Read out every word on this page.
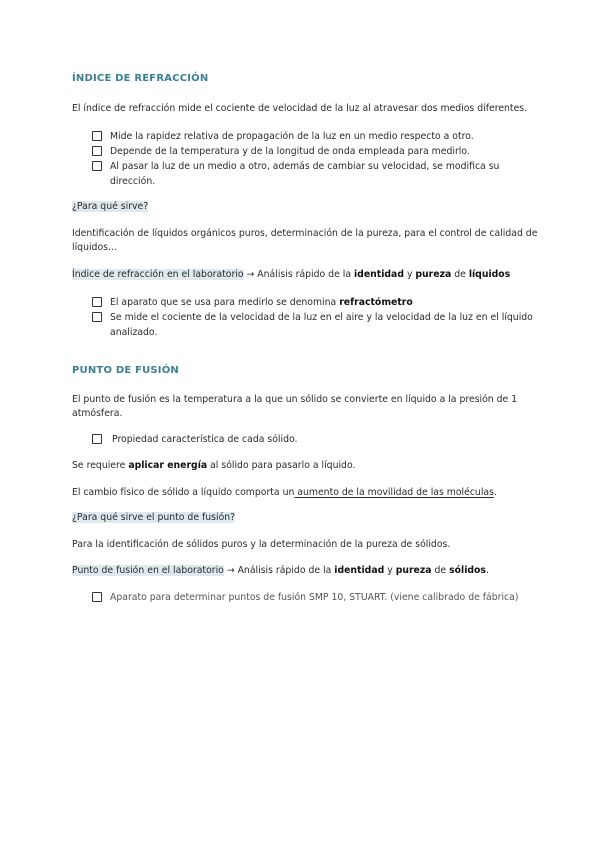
ÍNDICE DE REFRACCIÓN
El índice de refracción mide el cociente de velocidad de la luz al atravesar dos medios diferentes.
Mide la rapidez relativa de propagación de la luz en un medio respecto a otro.
Depende de la temperatura y de la longitud de onda empleada para medirlo.
Al pasar la luz de un medio a otro, además de cambiar su velocidad, se modifica su
dirección.
¿Para qué sirve?
Identificación de líquidos orgánicos puros, determinación de la pureza, para el control de calidad de
líquidos…
Índice de refracción en el laboratorio → Análisis rápido de la identidad y pureza de líquidos
El aparato que se usa para medirlo se denomina refractómetro
Se mide el cociente de la velocidad de la luz en el aire y la velocidad de la luz en el líquido
analizado.
PUNTO DE FUSIÓN
El punto de fusión es la temperatura a la que un sólido se convierte en líquido a la presión de 1
atmósfera.
Propiedad característica de cada sólido.
Se requiere aplicar energía al sólido para pasarlo a líquido.
El cambio físico de sólido a líquido comporta un aumento de la movilidad de las moléculas.
¿Para qué sirve el punto de fusión?
Para la identificación de sólidos puros y la determinación de la pureza de sólidos.
Punto de fusión en el laboratorio → Análisis rápido de la identidad y pureza de sólidos.
Aparato para determinar puntos de fusión SMP 10, STUART. (viene calibrado de fábrica)
